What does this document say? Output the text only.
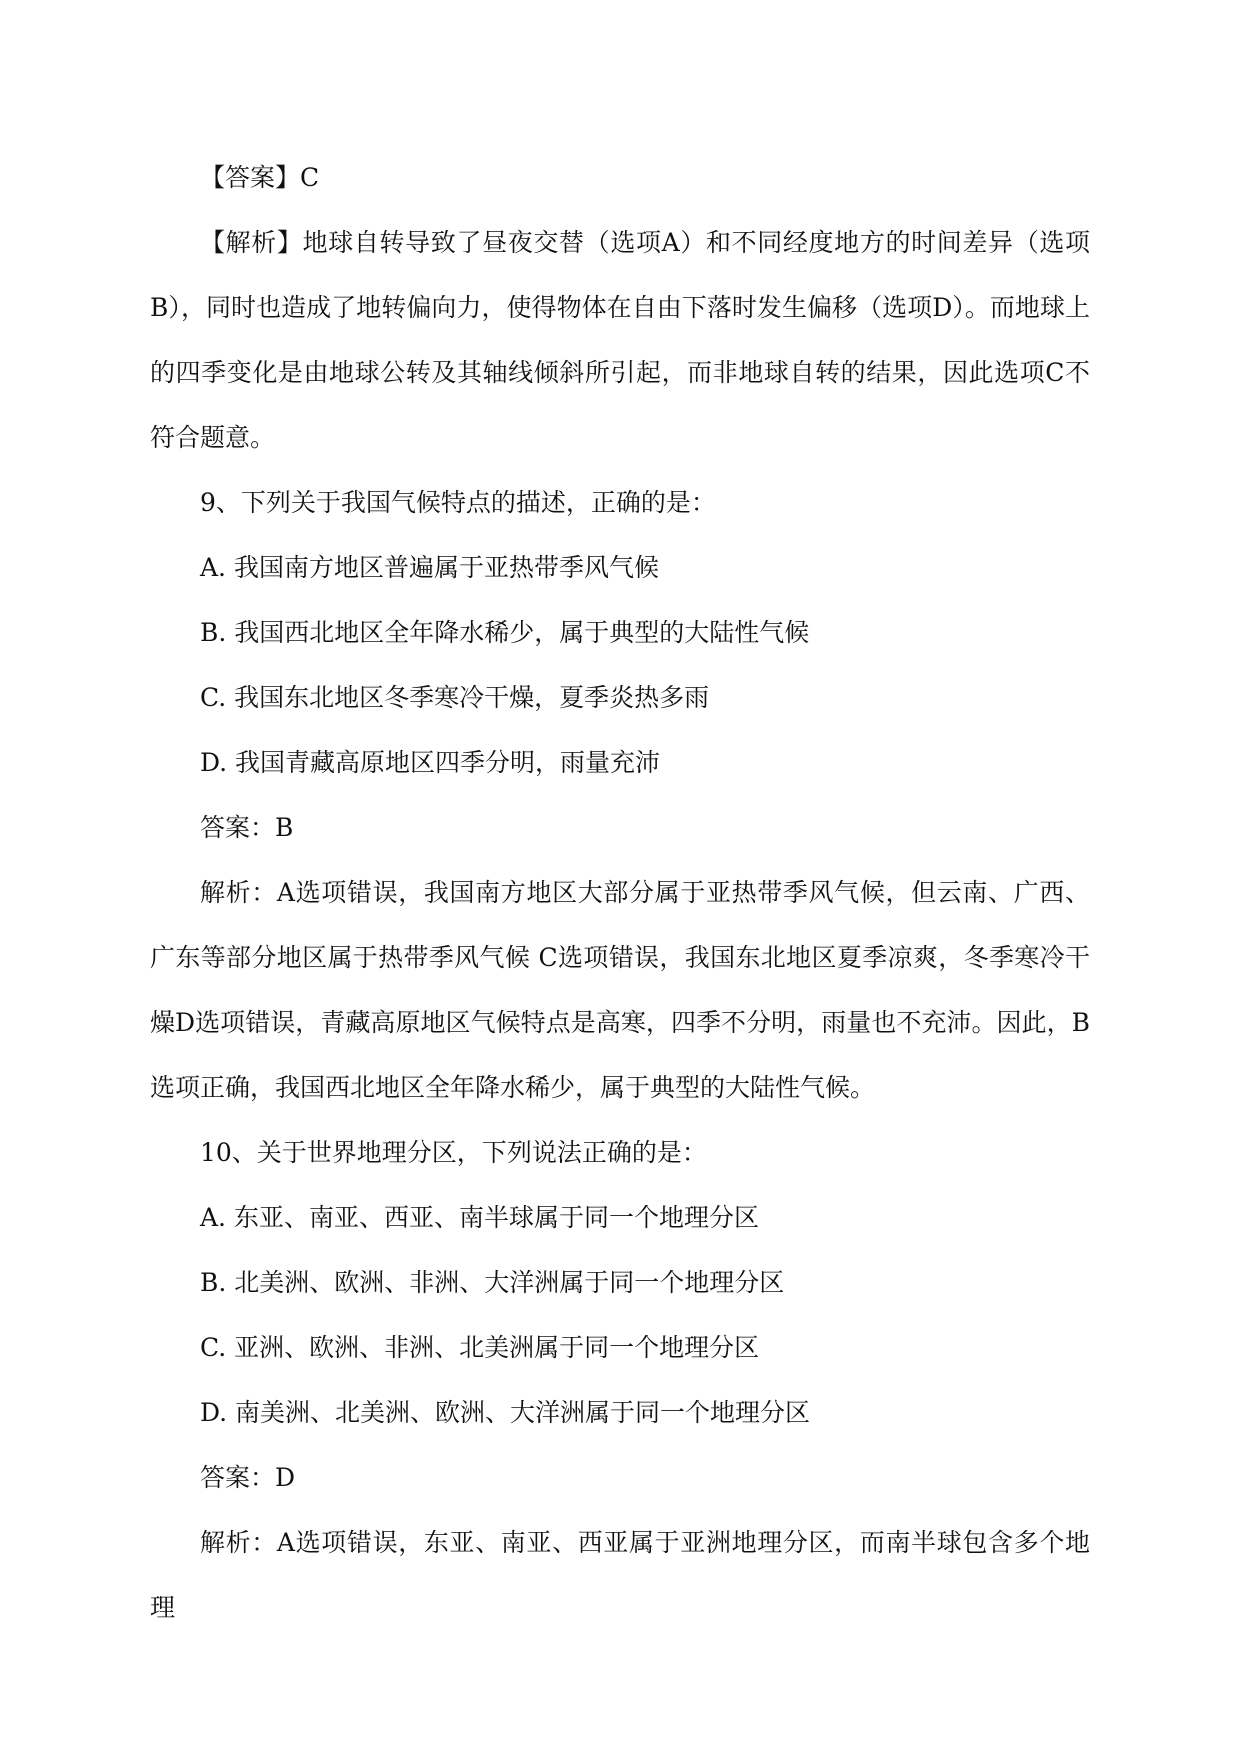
【答案】C

【解析】地球自转导致了昼夜交替（选项A）和不同经度地方的时间差异（选项B），同时也造成了地转偏向力，使得物体在自由下落时发生偏移（选项D）。而地球上的四季变化是由地球公转及其轴线倾斜所引起，而非地球自转的结果，因此选项C不符合题意。

9、下列关于我国气候特点的描述，正确的是：
A. 我国南方地区普遍属于亚热带季风气候
B. 我国西北地区全年降水稀少，属于典型的大陆性气候
C. 我国东北地区冬季寒冷干燥，夏季炎热多雨
D. 我国青藏高原地区四季分明，雨量充沛
答案：B

解析：A选项错误，我国南方地区大部分属于亚热带季风气候，但云南、广西、广东等部分地区属于热带季风气候 C选项错误，我国东北地区夏季凉爽，冬季寒冷干燥D选项错误，青藏高原地区气候特点是高寒，四季不分明，雨量也不充沛。因此，B选项正确，我国西北地区全年降水稀少，属于典型的大陆性气候。

10、关于世界地理分区，下列说法正确的是：
A. 东亚、南亚、西亚、南半球属于同一个地理分区
B. 北美洲、欧洲、非洲、大洋洲属于同一个地理分区
C. 亚洲、欧洲、非洲、北美洲属于同一个地理分区
D. 南美洲、北美洲、欧洲、大洋洲属于同一个地理分区
答案：D

解析：A选项错误，东亚、南亚、西亚属于亚洲地理分区，而南半球包含多个地理
